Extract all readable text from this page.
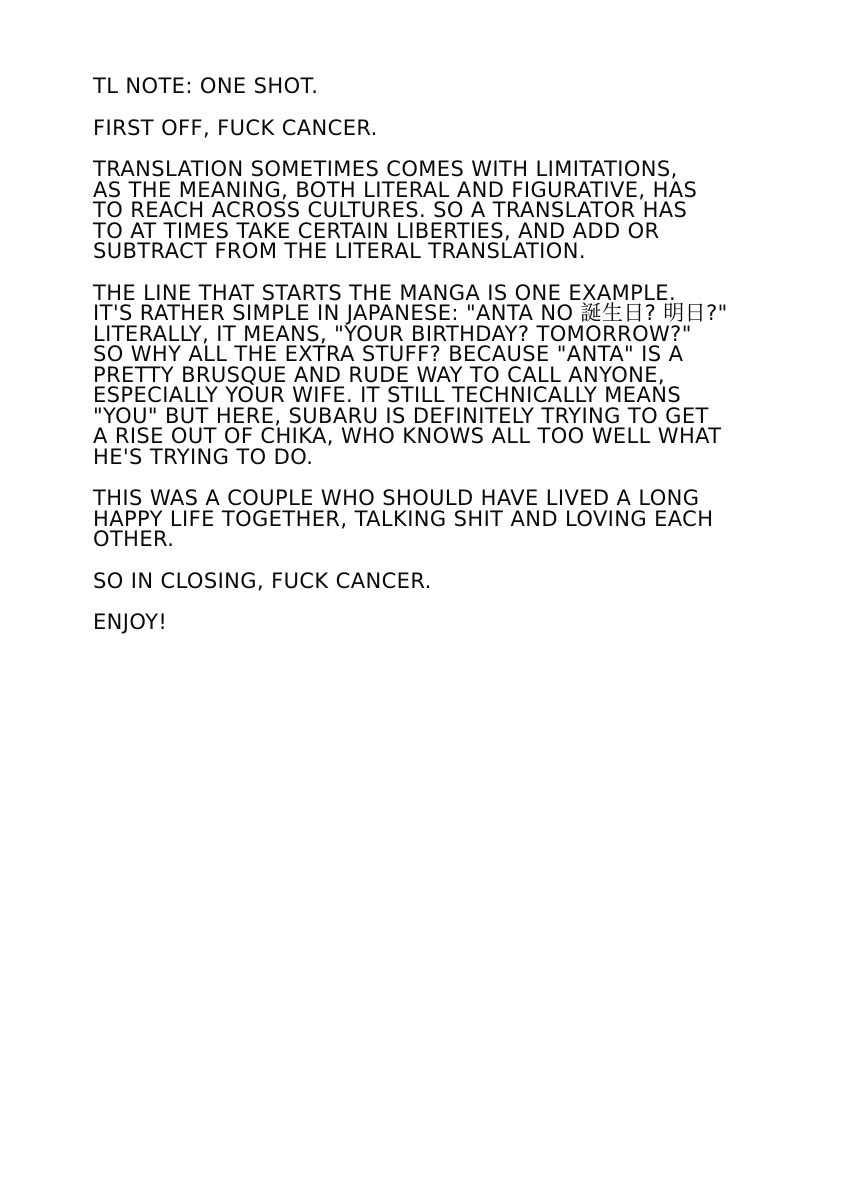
TL NOTE: ONE SHOT.

FIRST OFF, FUCK CANCER.

TRANSLATION SOMETIMES COMES WITH LIMITATIONS,
AS THE MEANING, BOTH LITERAL AND FIGURATIVE, HAS
TO REACH ACROSS CULTURES. SO A TRANSLATOR HAS
TO AT TIMES TAKE CERTAIN LIBERTIES, AND ADD OR
SUBTRACT FROM THE LITERAL TRANSLATION.

THE LINE THAT STARTS THE MANGA IS ONE EXAMPLE.
IT'S RATHER SIMPLE IN JAPANESE: "ANTA NO 誕生日? 明日?"
LITERALLY, IT MEANS, "YOUR BIRTHDAY? TOMORROW?"
SO WHY ALL THE EXTRA STUFF? BECAUSE "ANTA" IS A
PRETTY BRUSQUE AND RUDE WAY TO CALL ANYONE,
ESPECIALLY YOUR WIFE. IT STILL TECHNICALLY MEANS
"YOU" BUT HERE, SUBARU IS DEFINITELY TRYING TO GET
A RISE OUT OF CHIKA, WHO KNOWS ALL TOO WELL WHAT
HE'S TRYING TO DO.

THIS WAS A COUPLE WHO SHOULD HAVE LIVED A LONG
HAPPY LIFE TOGETHER, TALKING SHIT AND LOVING EACH
OTHER.

SO IN CLOSING, FUCK CANCER.

ENJOY!
